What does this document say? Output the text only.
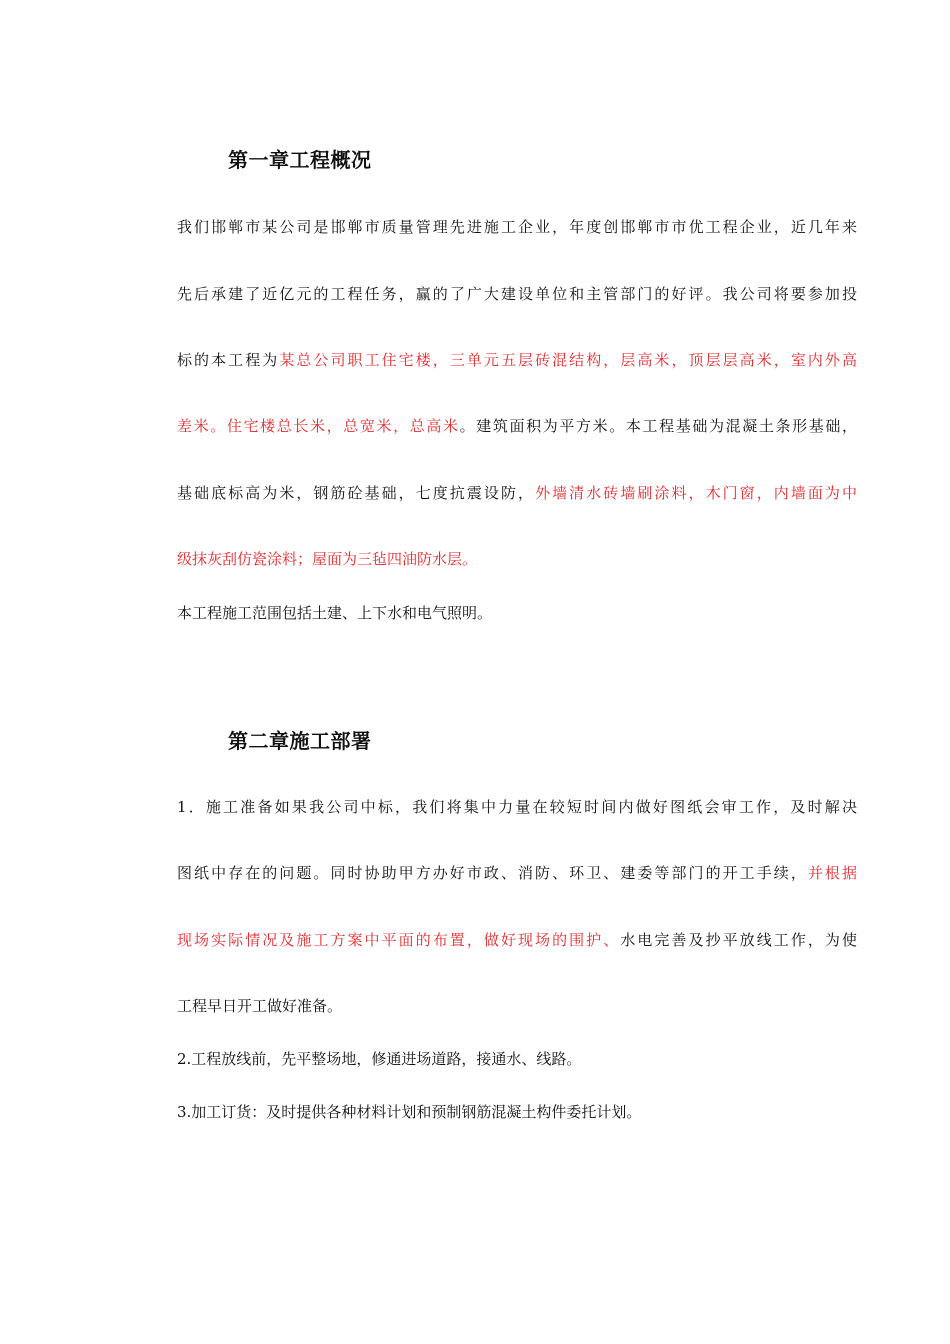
第一章工程概况
我们邯郸市某公司是邯郸市质量管理先进施工企业，年度创邯郸市市优工程企业，近几年来
先后承建了近亿元的工程任务，赢的了广大建设单位和主管部门的好评。我公司将要参加投
标的本工程为某总公司职工住宅楼，三单元五层砖混结构，层高米，顶层层高米，室内外高
差米。住宅楼总长米，总宽米，总高米。建筑面积为平方米。本工程基础为混凝土条形基础，
基础底标高为米，钢筋砼基础，七度抗震设防，外墙清水砖墙刷涂料，木门窗，内墙面为中
级抹灰刮仿瓷涂料；屋面为三毡四油防水层。
本工程施工范围包括土建、上下水和电气照明。
第二章施工部署
1．施工准备如果我公司中标，我们将集中力量在较短时间内做好图纸会审工作，及时解决
图纸中存在的问题。同时协助甲方办好市政、消防、环卫、建委等部门的开工手续，并根据
现场实际情况及施工方案中平面的布置，做好现场的围护、水电完善及抄平放线工作，为使
工程早日开工做好准备。
2.工程放线前，先平整场地，修通进场道路，接通水、线路。
3.加工订货：及时提供各种材料计划和预制钢筋混凝土构件委托计划。
